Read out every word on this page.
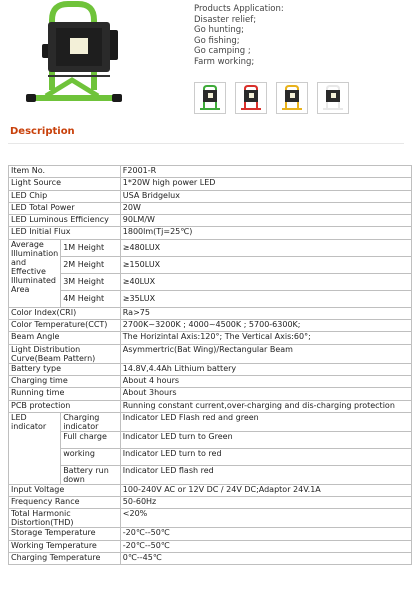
Products Application:
Disaster relief;
Go hunting;
Go fishing;
Go camping ;
Farm working;
Description
Item No.		F2001-R
Light Source		1*20W high power LED
LED Chip		USA Bridgelux
LED Total Power		20W
LED Luminous Efficiency		90LM/W
LED Initial Flux		1800lm(Tj=25℃)
Average Illumination and Effective Illuminated Area	1M Height	≥480LUX
	2M Height	≥150LUX
	3M Height	≥40LUX
	4M Height	≥35LUX
Color Index(CRI)		Ra>75
Color Temperature(CCT)		2700K~3200K ; 4000~4500K ; 5700-6300K;
Beam Angle		The Horizintal Axis:120°; The Vertical Axis:60°;
Light Distribution Curve(Beam Pattern)		Asymmertric(Bat Wing)/Rectangular Beam
Battery type		14.8V,4.4Ah Lithium battery
Charging time		About 4 hours
Running time		About 3hours
PCB protection		Running constant current,over-charging and dis-charging protection
LED indicator	Charging indicator	Indicator LED Flash red and green
	Full charge	Indicator LED turn to Green
	working	Indicator LED turn to red
	Battery run down	Indicator LED flash red
Input Voltage		100-240V AC or 12V DC / 24V DC;Adaptor 24V.1A
Frequency Rance		50-60Hz
Total Harmonic Distortion(THD)		<20%
Storage Temperature		-20℃--50℃
Working Temperature		-20℃--50℃
Charging Temperature		0℃--45℃
